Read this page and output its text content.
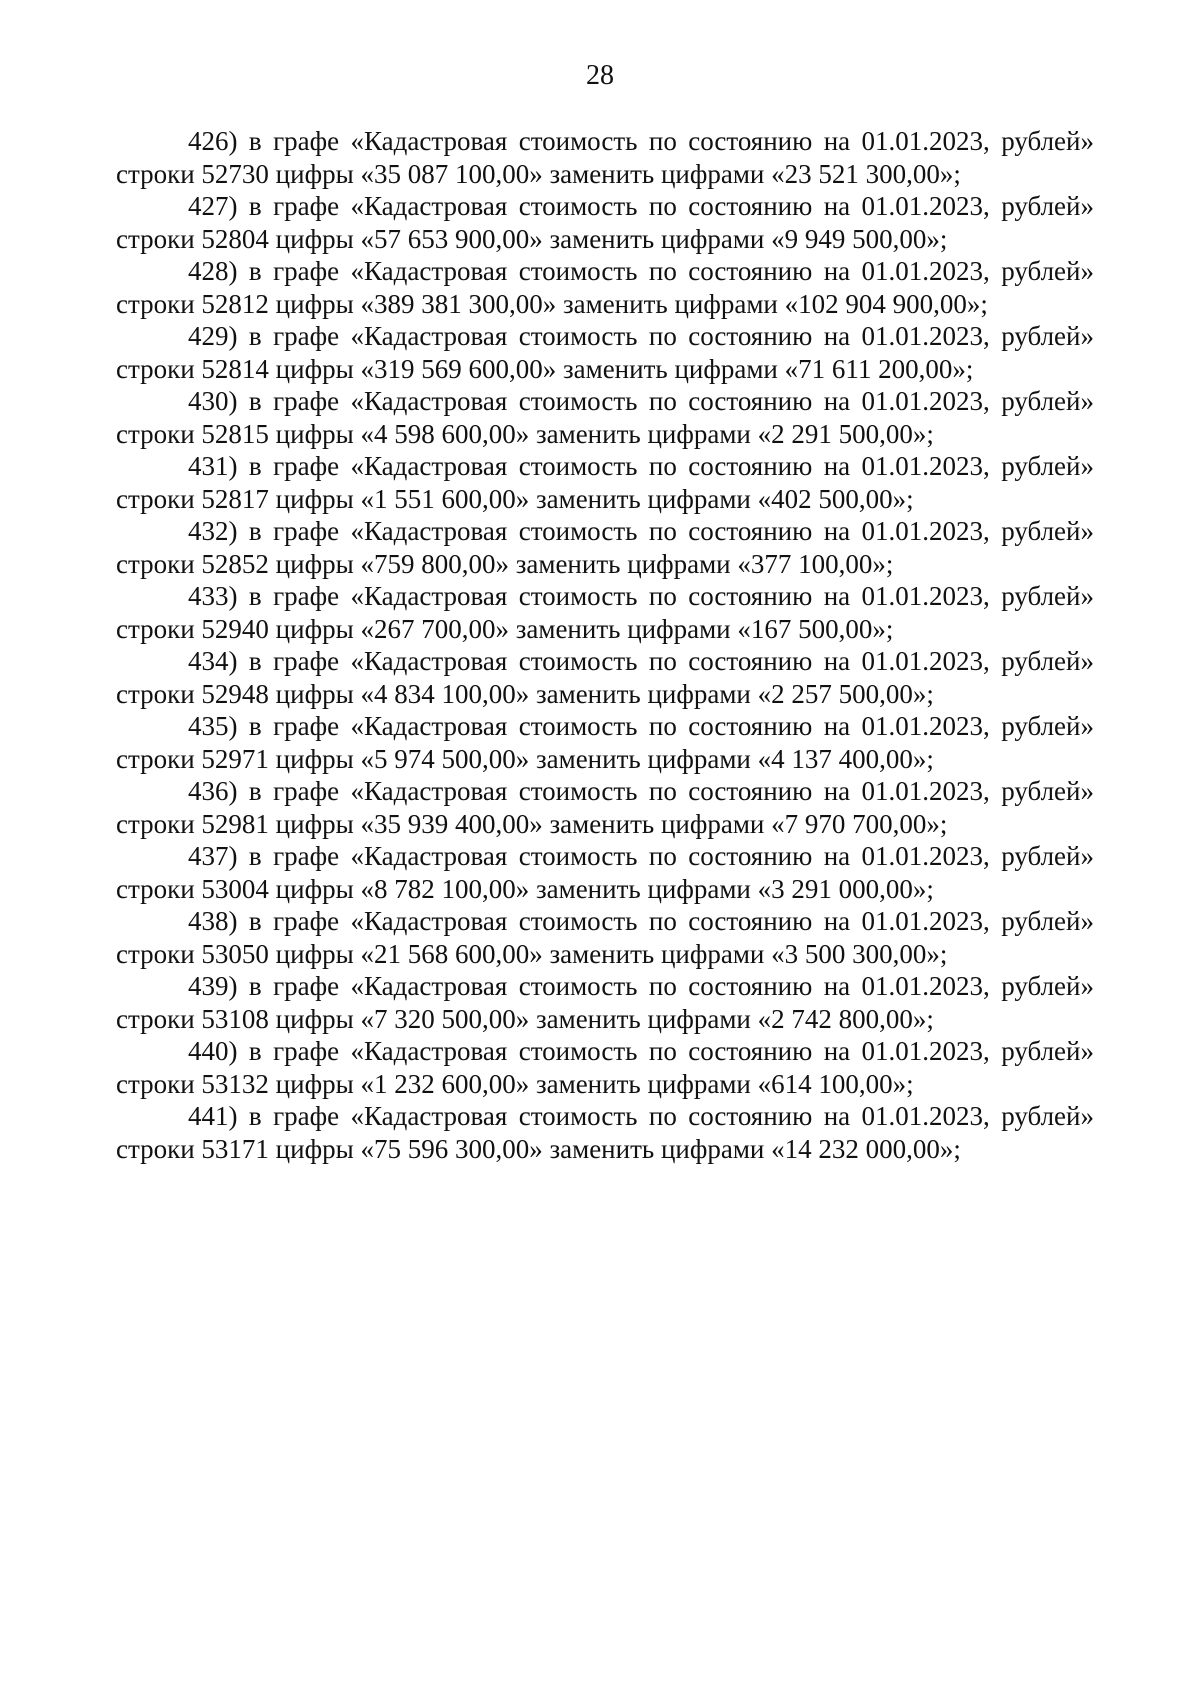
28

426) в графе «Кадастровая стоимость по состоянию на 01.01.2023, рублей» строки 52730 цифры «35 087 100,00» заменить цифрами «23 521 300,00»;

427) в графе «Кадастровая стоимость по состоянию на 01.01.2023, рублей» строки 52804 цифры «57 653 900,00» заменить цифрами «9 949 500,00»;

428) в графе «Кадастровая стоимость по состоянию на 01.01.2023, рублей» строки 52812 цифры «389 381 300,00» заменить цифрами «102 904 900,00»;

429) в графе «Кадастровая стоимость по состоянию на 01.01.2023, рублей» строки 52814 цифры «319 569 600,00» заменить цифрами «71 611 200,00»;

430) в графе «Кадастровая стоимость по состоянию на 01.01.2023, рублей» строки 52815 цифры «4 598 600,00» заменить цифрами «2 291 500,00»;

431) в графе «Кадастровая стоимость по состоянию на 01.01.2023, рублей» строки 52817 цифры «1 551 600,00» заменить цифрами «402 500,00»;

432) в графе «Кадастровая стоимость по состоянию на 01.01.2023, рублей» строки 52852 цифры «759 800,00» заменить цифрами «377 100,00»;

433) в графе «Кадастровая стоимость по состоянию на 01.01.2023, рублей» строки 52940 цифры «267 700,00» заменить цифрами «167 500,00»;

434) в графе «Кадастровая стоимость по состоянию на 01.01.2023, рублей» строки 52948 цифры «4 834 100,00» заменить цифрами «2 257 500,00»;

435) в графе «Кадастровая стоимость по состоянию на 01.01.2023, рублей» строки 52971 цифры «5 974 500,00» заменить цифрами «4 137 400,00»;

436) в графе «Кадастровая стоимость по состоянию на 01.01.2023, рублей» строки 52981 цифры «35 939 400,00» заменить цифрами «7 970 700,00»;

437) в графе «Кадастровая стоимость по состоянию на 01.01.2023, рублей» строки 53004 цифры «8 782 100,00» заменить цифрами «3 291 000,00»;

438) в графе «Кадастровая стоимость по состоянию на 01.01.2023, рублей» строки 53050 цифры «21 568 600,00» заменить цифрами «3 500 300,00»;

439) в графе «Кадастровая стоимость по состоянию на 01.01.2023, рублей» строки 53108 цифры «7 320 500,00» заменить цифрами «2 742 800,00»;

440) в графе «Кадастровая стоимость по состоянию на 01.01.2023, рублей» строки 53132 цифры «1 232 600,00» заменить цифрами «614 100,00»;

441) в графе «Кадастровая стоимость по состоянию на 01.01.2023, рублей» строки 53171 цифры «75 596 300,00» заменить цифрами «14 232 000,00»;
